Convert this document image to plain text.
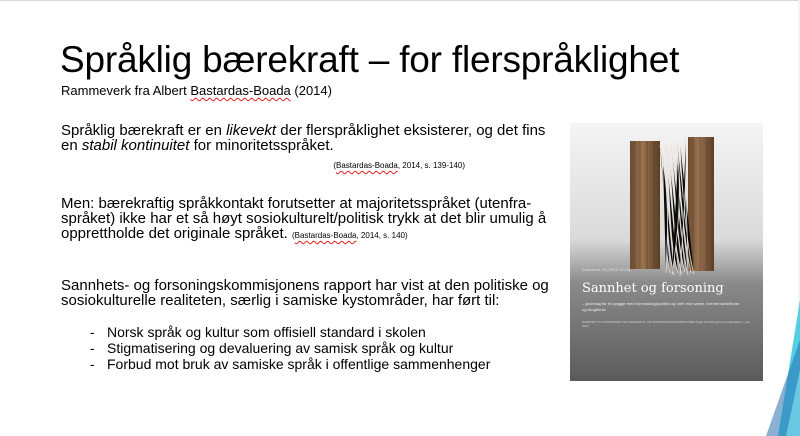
Språklig bærekraft – for flerspråklighet
Rammeverk fra Albert Bastardas-Boada (2014)
Språklig bærekraft er en likevekt der flerspråklighet eksisterer, og det fins en stabil kontinuitet for minoritetsspråket.
(Bastardas-Boada, 2014, s. 139-140)
Men: bærekraftig språkkontakt forutsetter at majoritetsspråket (utenfra-språket) ikke har et så høyt sosiokulturelt/politisk trykk at det blir umulig å opprettholde det originale språket. (Bastardas-Boada, 2014, s. 140)
Sannhets- og forsoningskommisjonens rapport har vist at den politiske og sosiokulturelle realiteten, særlig i samiske kystområder, har ført til:
- Norsk språk og kultur som offisiell standard i skolen
- Stigmatisering og devaluering av samisk språk og kultur
- Forbud mot bruk av samiske språk i offentlige sammenhenger
Dokument 19 (2022–2023)
Sannhet og forsoning
– grunnlag for et oppgjør med fornorskingspolitikk og urett mot samer, kvener/norskfinner og skogfinner
RAPPORT TIL STORTINGET FRA SANNHETS- OG FORSONINGSKOMMISJONEN Avgitt til Stortingets presidentskap 1. juni 2023
